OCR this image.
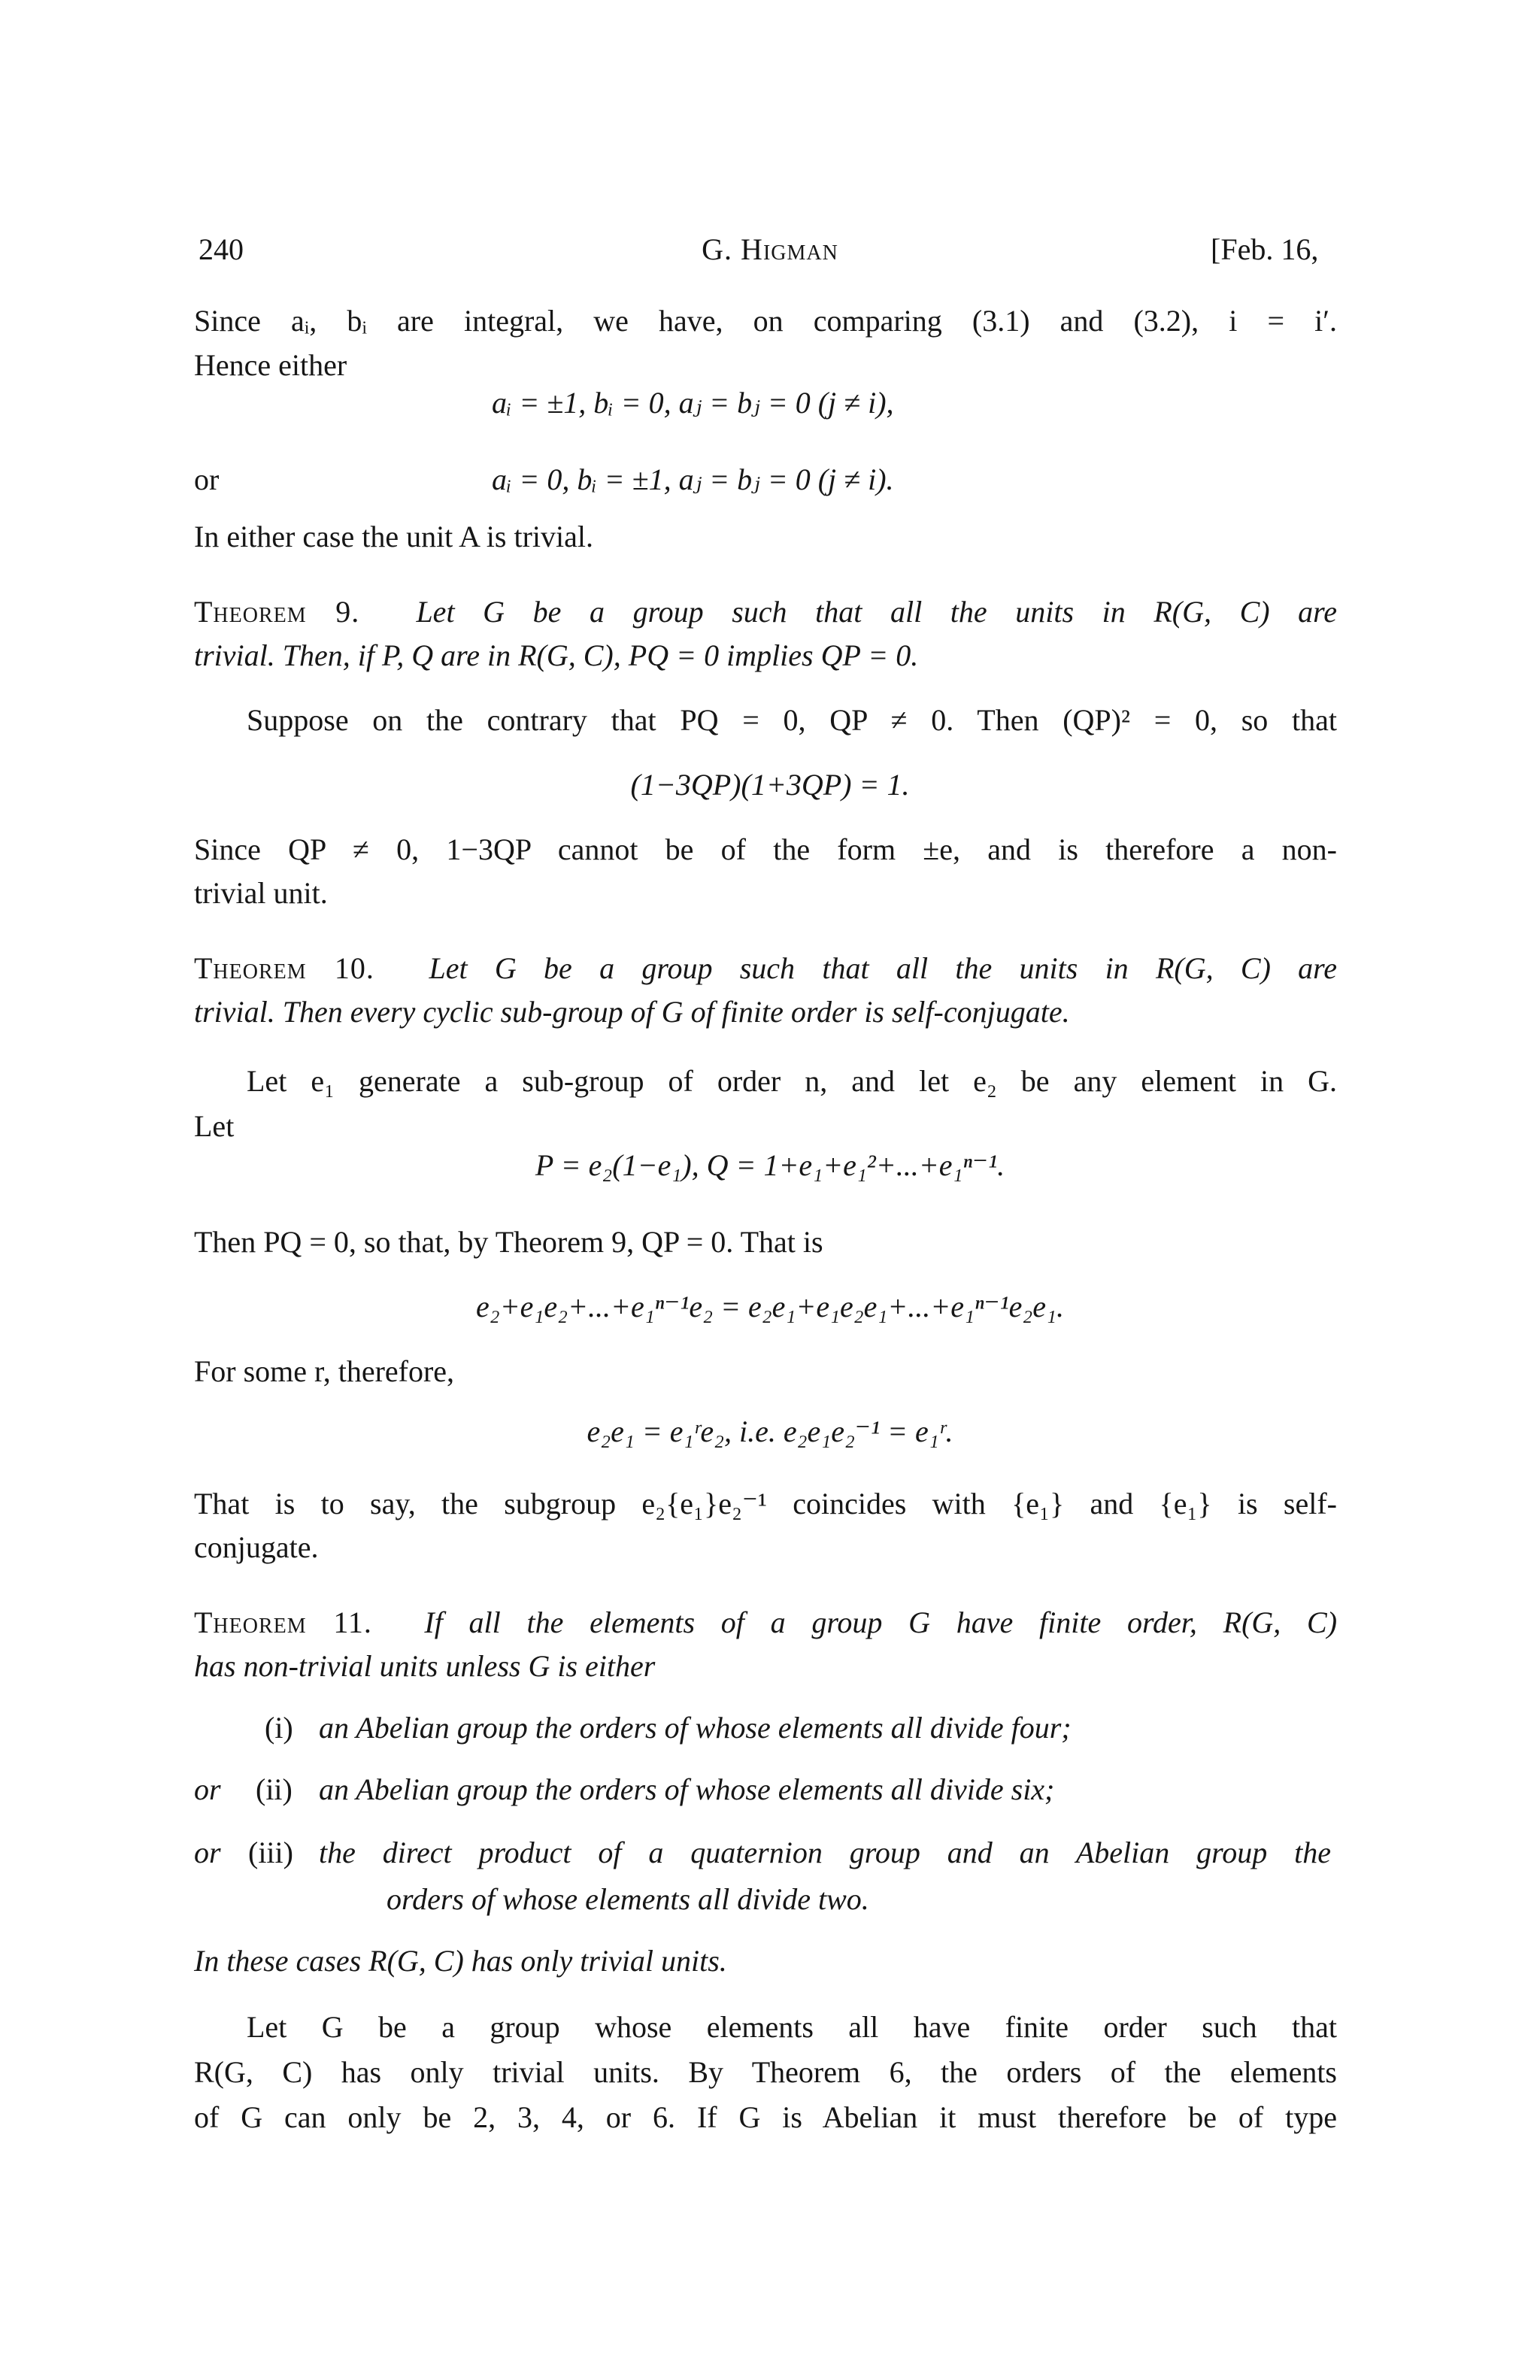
240	G. Higman	[Feb. 16,
Since aᵢ, bᵢ are integral, we have, on comparing (3.1) and (3.2), i = i′.
Hence either
aᵢ = ±1, bᵢ = 0, aⱼ = bⱼ = 0 (j ≠ i),
or	aᵢ = 0, bᵢ = ±1, aⱼ = bⱼ = 0 (j ≠ i).
In either case the unit A is trivial.
Theorem 9. Let G be a group such that all the units in R(G, C) are
trivial. Then, if P, Q are in R(G, C), PQ = 0 implies QP = 0.
Suppose on the contrary that PQ = 0, QP ≠ 0. Then (QP)² = 0, so that
(1−3QP)(1+3QP) = 1.
Since QP ≠ 0, 1−3QP cannot be of the form ±e, and is therefore a non-
trivial unit.
Theorem 10. Let G be a group such that all the units in R(G, C) are
trivial. Then every cyclic sub-group of G of finite order is self-conjugate.
Let e₁ generate a sub-group of order n, and let e₂ be any element in G.
Let
P = e₂(1−e₁), Q = 1+e₁+e₁²+...+e₁ⁿ⁻¹.
Then PQ = 0, so that, by Theorem 9, QP = 0. That is
e₂+e₁e₂+...+e₁ⁿ⁻¹e₂ = e₂e₁+e₁e₂e₁+...+e₁ⁿ⁻¹e₂e₁.
For some r, therefore,
e₂e₁ = e₁ʳe₂, i.e. e₂e₁e₂⁻¹ = e₁ʳ.
That is to say, the subgroup e₂{e₁}e₂⁻¹ coincides with {e₁} and {e₁} is self-
conjugate.
Theorem 11. If all the elements of a group G have finite order, R(G, C)
has non-trivial units unless G is either
(i) an Abelian group the orders of whose elements all divide four;
or (ii) an Abelian group the orders of whose elements all divide six;
or (iii) the direct product of a quaternion group and an Abelian group the
orders of whose elements all divide two.
In these cases R(G, C) has only trivial units.
Let G be a group whose elements all have finite order such that
R(G, C) has only trivial units. By Theorem 6, the orders of the elements
of G can only be 2, 3, 4, or 6. If G is Abelian it must therefore be of type
